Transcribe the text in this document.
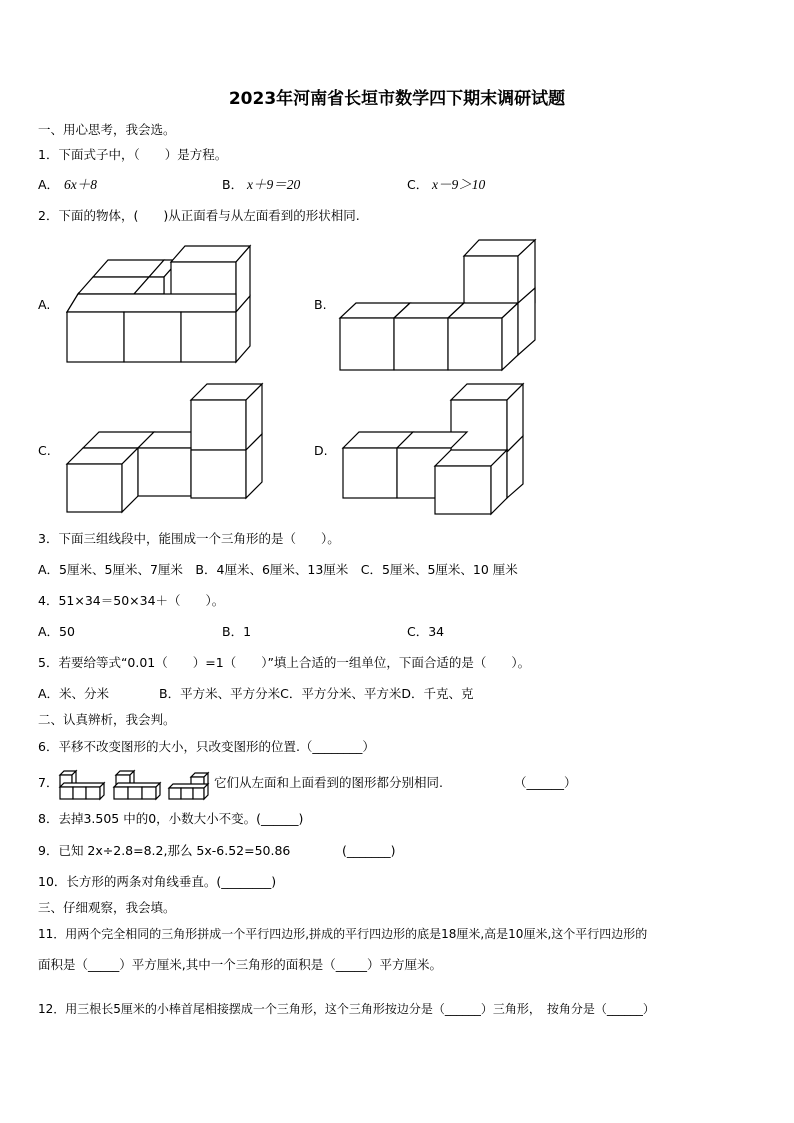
2023年河南省长垣市数学四下期末调研试题
一、用心思考，我会选。
1．下面式子中，（　　）是方程。
A． 6x＋8	B． x＋9＝20	C． x－9＞10
2．下面的物体，(　　)从正面看与从左面看到的形状相同.
A.	B.
C.	D.
3．下面三组线段中，能围成一个三角形的是（　　）。
A．5厘米、5厘米、7厘米　B．4厘米、6厘米、13厘米　C．5厘米、5厘米、10 厘米
4．51×34＝50×34＋（　　）。
A．50	B．1	C．34
5．若要给等式“0.01（　　）=1（　　）”填上合适的一组单位，下面合适的是（　　）。
A．米、分米　　　　B．平方米、平方分米C．平方分米、平方米D．千克、克
二、认真辨析，我会判。
6．平移不改变图形的大小，只改变图形的位置.（________）
7．	它们从左面和上面看到的图形都分别相同.	（______）
8．去掉3.505 中的0，小数大小不变。(______)
9．已知 2x÷2.8=8.2,那么 5x-6.52=50.86	(_______)
10．长方形的两条对角线垂直。(________)
三、仔细观察，我会填。
11．用两个完全相同的三角形拼成一个平行四边形,拼成的平行四边形的底是18厘米,高是10厘米,这个平行四边形的
面积是（_____）平方厘米,其中一个三角形的面积是（_____）平方厘米。
12．用三根长5厘米的小棒首尾相接摆成一个三角形，这个三角形按边分是（______）三角形，　按角分是（______）
